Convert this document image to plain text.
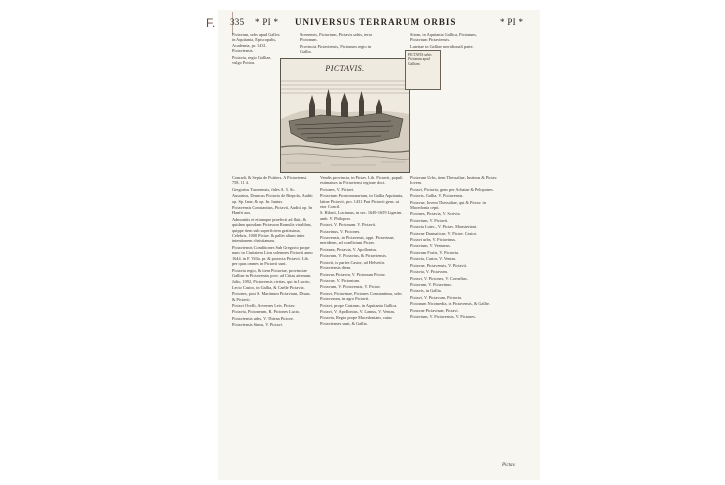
F.	335 * PI * UNIVERSUS TERRARUM ORBIS	* PI *

Pictavum, urbs apud Gallos in Aquitania, Episcopalis, Academia, pr. 1431. Pictaviensis.

Pictavia, regio Galliae, vulgo Poitou.

Scenensis, Pictavium, Pictavis urbis, terra Pictonum.

Provincia Pictaviensis, Pictonum regio in Gallia.

Sitom, in Aquitania Gallica, Pictonum, Pictavium Pictaviensis.

Lutetiae in Galliae meridionali parte.

PICTAVIS.
PICTAVIS urbis Pictonum apud Galliam

Conradi, & Sepia de Poitiers. A Pictaviensi. 758. 11 4.

Gregorius Turonensis, fides A. 5. Sc.

Ausonius, Druncus Pictavio de Biepola, Auditi op. Sp. Iane, & op. In. Iunius.

Pictavensis Constantius, Pictavii, Auditi op. In Hanfri aus.

Admonitis et etiamque praefecti ad fluit, & quidam quosdam Pictavum Romulis viralibus, quippe item sub superficiem gratissima, Celebris, 1000 Pictav. & pallet alium inter intentionem christianum.

Pictaviensis Conditiones Sub Gregorio prope nunc in Ciuitatem Lion solemnes Pictavii anno 1644. in F. Villa. pr. & protecta Pictavii. Lib. per quas omnes in Pictavii sunt.

Pictavia regio, & item Pictaviae, provinciae Galliae in Pictavensis prov. ad Cittas aitenum.

Julio, 1092, Pictavensis civitas, qui in Lucrio, Lecto Castro, in Gallia, & Caelle Pictavia.

Pictones, post S. Martinum Pictavium, Diuus. & Pictavii.

Pictavi Ocelli, Arvernes Leis. Pictav.

Pictavia, Pictoneum, R. Pictones Lucio.

Pictaviensis urbs, V. Thiena Pictore.

Pictaviensis Sinus, V. Pictavi.

Vendis provincia, in Pictav. Lib. Pictavii, populi estimaturs in Pictaviensi regione doct.

Pictones, V. Pictavi.

Pictavium Prostomonarium, in Gallia Aquitania, latine Pictavii, pro. 1431 Part Pictavii gens. ut etor Concil.

S. Hilarii, Lucianus, in sec. 1649-1659 Ligerim. amb. V. Philopon.

Pictavi, V. Pictonum. V. Pictavii.

Pictavinus, V. Pictones.

Pictavensis, in Pictavensi, oppi. Pictavinae, meridiem, ad conflictum Pictav.

Pictanea, Pictavia, V. Apollonius.

Pictavum, V. Pictavius, & Pictaviensis.

Pictavii, is partes Castor, ad Helvetiis Pictaviensis diem.

Pictavus Pictavin, V. Pictonum Pictav.

Pictavae, V. Pictonium.

Pictavum, V. Pictavensis, V. Pictav.

Pictavi, Pictavinae, Pictones Constantinus, urbs Pictavorum, in agro Pictavii.

Pictavi, prope Castrum, in Aquitania Gallica.

Pictavi, V. Apollonius, V. Lamus, V. Ventas.

Pictavia, Regio prope Macedoniam, cuius Pictavienses sunt, & Gallia.

Pictavum Urbs, item Thessaliae, Iustinus & Pictav. Iovem.

Pictavi, Pictavia, gens per Achaiae & Pelopones.

Pictavis, Gallia, V. Pictavensis.

Pictavae, Iovem Thessaliae, qui & Pictav. in Macedonia cepit.

Pictones, Pictavia, V. Scrivia.

Pictavium, V. Pictavii.

Pictavia Lutec., V. Pictav. Monsteriani.

Pictavae Dramaticae, V. Pictav. Castor.

Pictavi urbs, V. Pictavinus.

Pictavium, V. Ventaeus.

Pictavum Fortis, V. Pictavia.

Pictavia, Castor, V. Ventas.

Pictavae, Pictavensis, V. Pictavii.

Pictavia, V. Pictavum.

Pictavi, V. Pictones, V. Cornelius.

Pictavum, V. Pictavinus.

Pictavis, in Gallia.

Pictavi, V. Pictavum, Pictavia.

Pictonum Nicomedia, is Pictavensis, & Gallie.

Pictavae Pictavinae, Pictavi.

Pictavium, V. Pictavensis, V. Pictones.

Pictav.
